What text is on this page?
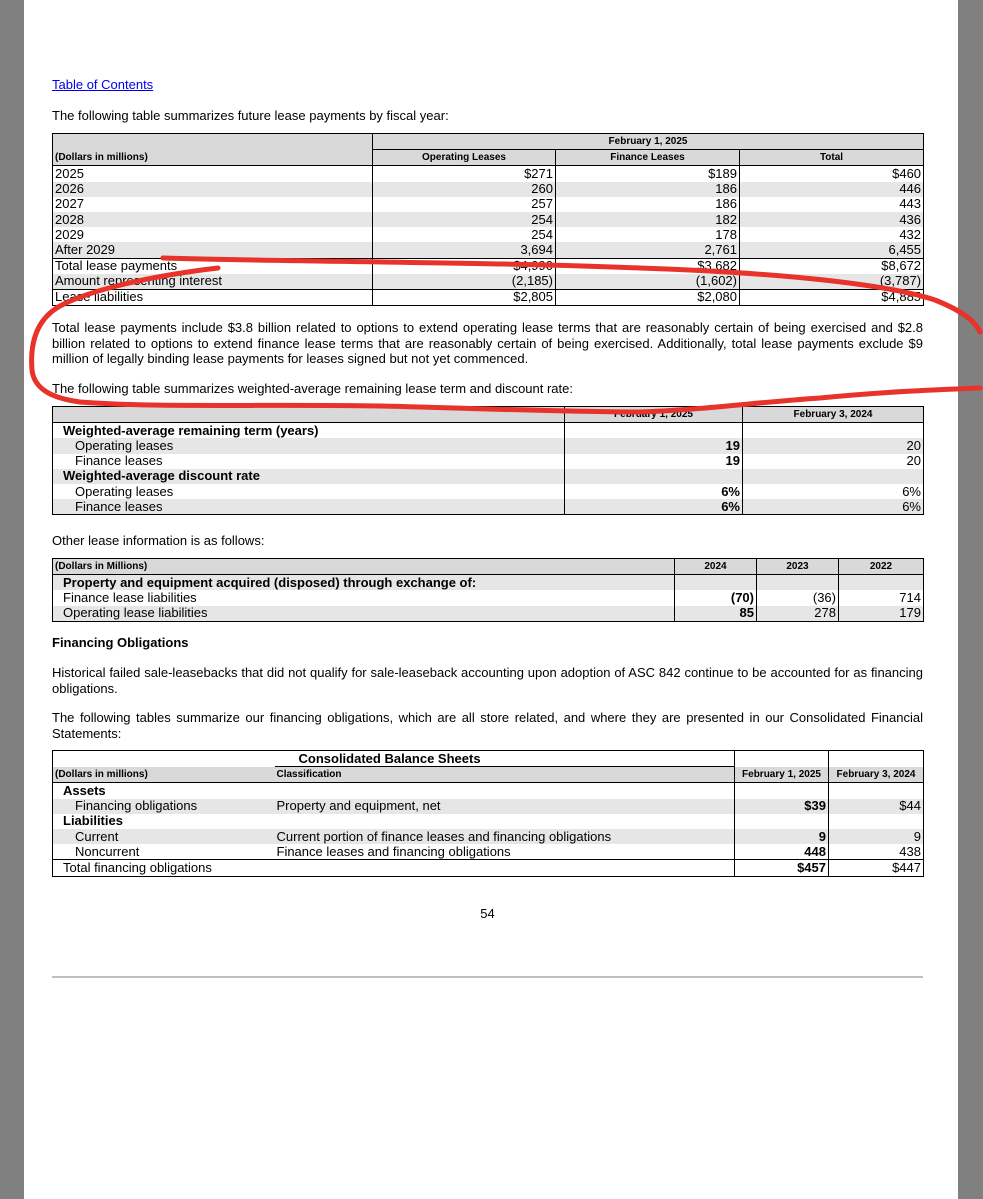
Table of Contents
The following table summarizes future lease payments by fiscal year:
	February 1, 2025		
(Dollars in millions)	Operating Leases	Finance Leases	Total
2025	$271	$189	$460
2026	260	186	446
2027	257	186	443
2028	254	182	436
2029	254	178	432
After 2029	3,694	2,761	6,455
Total lease payments	$4,990	$3,682	$8,672
Amount representing interest	(2,185)	(1,602)	(3,787)
Lease liabilities	$2,805	$2,080	$4,885
Total lease payments include $3.8 billion related to options to extend operating lease terms that are reasonably certain of being exercised and $2.8 billion related to options to extend finance lease terms that are reasonably certain of being exercised. Additionally, total lease payments exclude $9 million of legally binding lease payments for leases signed but not yet commenced.
The following table summarizes weighted-average remaining lease term and discount rate:
	February 1, 2025	February 3, 2024
Weighted-average remaining term (years)		
Operating leases	19	20
Finance leases	19	20
Weighted-average discount rate		
Operating leases	6%	6%
Finance leases	6%	6%
Other lease information is as follows:
(Dollars in Millions)	2024	2023	2022
Property and equipment acquired (disposed) through exchange of:			
Finance lease liabilities	(70)	(36)	714
Operating lease liabilities	85	278	179
Financing Obligations
Historical failed sale-leasebacks that did not qualify for sale-leaseback accounting upon adoption of ASC 842 continue to be accounted for as financing obligations.
The following tables summarize our financing obligations, which are all store related, and where they are presented in our Consolidated Financial Statements:
	Consolidated Balance Sheets		
(Dollars in millions)	Classification	February 1, 2025	February 3, 2024
Assets			
Financing obligations	Property and equipment, net	$39	$44
Liabilities			
Current	Current portion of finance leases and financing obligations	9	9
Noncurrent	Finance leases and financing obligations	448	438
Total financing obligations		$457	$447
54
